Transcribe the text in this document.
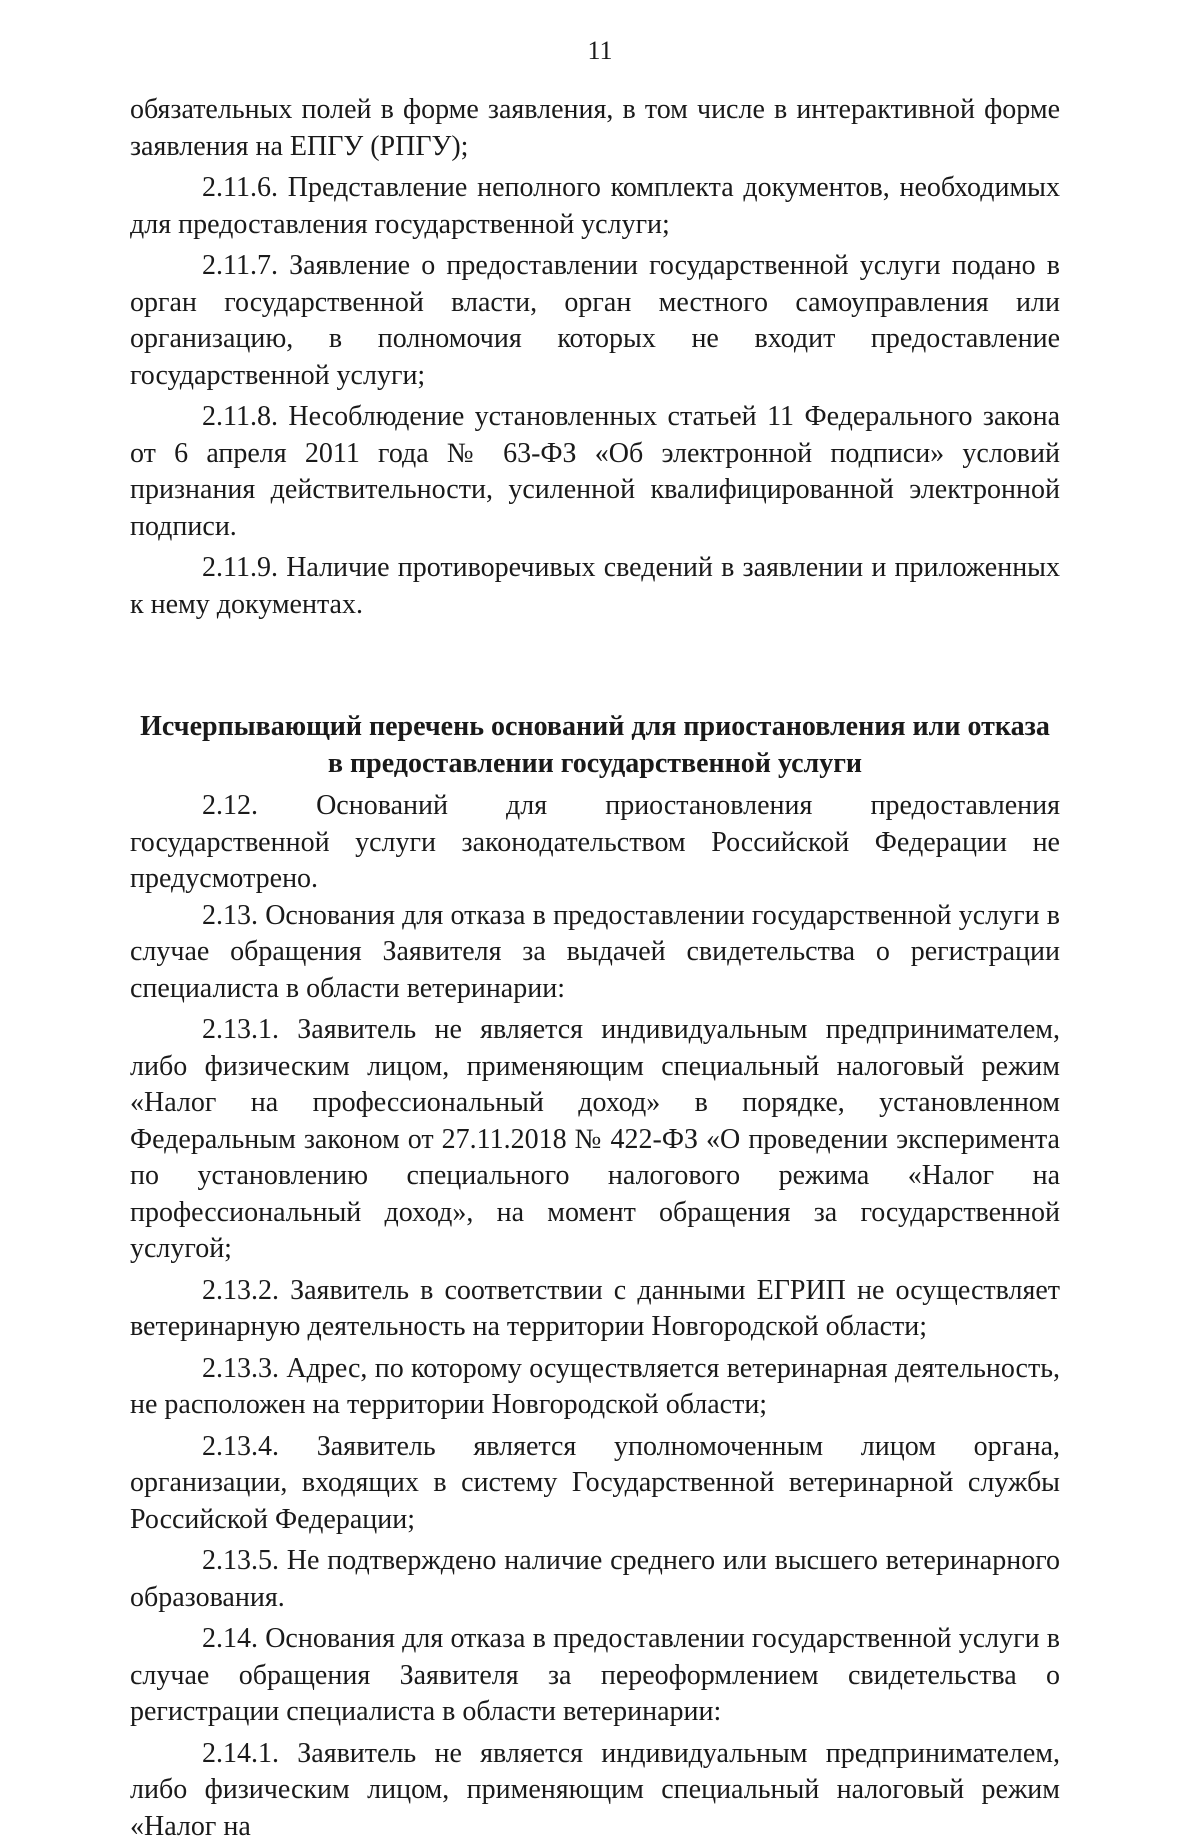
11

обязательных полей в форме заявления, в том числе в интерактивной форме заявления на ЕПГУ (РПГУ);

2.11.6. Представление неполного комплекта документов, необходимых для предоставления государственной услуги;

2.11.7. Заявление о предоставлении государственной услуги подано в орган государственной власти, орган местного самоуправления или организацию, в полномочия которых не входит предоставление государственной услуги;

2.11.8. Несоблюдение установленных статьей 11 Федерального закона от 6 апреля 2011 года № 63-ФЗ «Об электронной подписи» условий признания действительности, усиленной квалифицированной электронной подписи.

2.11.9. Наличие противоречивых сведений в заявлении и приложенных к нему документах.

Исчерпывающий перечень оснований для приостановления или отказа в предоставлении государственной услуги

2.12. Оснований для приостановления предоставления государственной услуги законодательством Российской Федерации не предусмотрено.

2.13. Основания для отказа в предоставлении государственной услуги в случае обращения Заявителя за выдачей свидетельства о регистрации специалиста в области ветеринарии:

2.13.1. Заявитель не является индивидуальным предпринимателем, либо физическим лицом, применяющим специальный налоговый режим «Налог на профессиональный доход» в порядке, установленном Федеральным законом от 27.11.2018 № 422-ФЗ «О проведении эксперимента по установлению специального налогового режима «Налог на профессиональный доход», на момент обращения за государственной услугой;

2.13.2. Заявитель в соответствии с данными ЕГРИП не осуществляет ветеринарную деятельность на территории Новгородской области;

2.13.3. Адрес, по которому осуществляется ветеринарная деятельность, не расположен на территории Новгородской области;

2.13.4. Заявитель является уполномоченным лицом органа, организации, входящих в систему Государственной ветеринарной службы Российской Федерации;

2.13.5. Не подтверждено наличие среднего или высшего ветеринарного образования.

2.14. Основания для отказа в предоставлении государственной услуги в случае обращения Заявителя за переоформлением свидетельства о регистрации специалиста в области ветеринарии:

2.14.1. Заявитель не является индивидуальным предпринимателем, либо физическим лицом, применяющим специальный налоговый режим «Налог на
